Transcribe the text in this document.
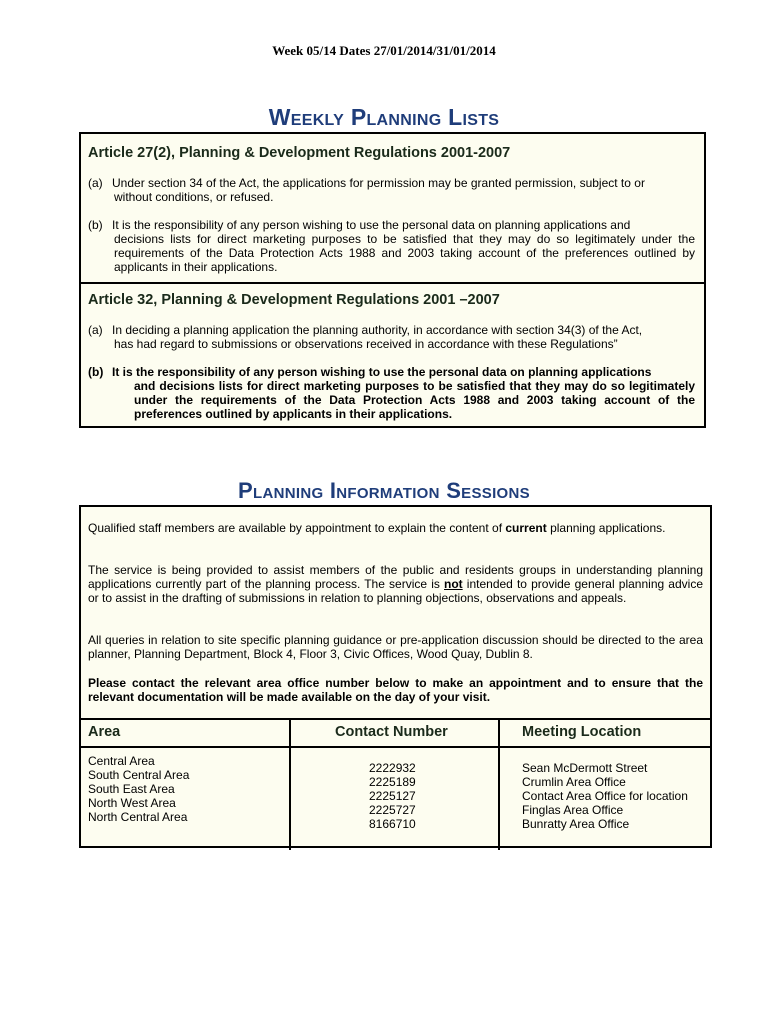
Week 05/14 Dates 27/01/2014/31/01/2014
Weekly Planning Lists
Article 27(2), Planning & Development Regulations 2001-2007
(a) Under section 34 of the Act, the applications for permission may be granted permission, subject to or
without conditions, or refused.
(b) It is the responsibility of any person wishing to use the personal data on planning applications and
decisions lists for direct marketing purposes to be satisfied that they may do so legitimately under the requirements of the Data Protection Acts 1988 and 2003 taking account of the preferences outlined by applicants in their applications.
Article 32, Planning & Development Regulations 2001 –2007
(a) In deciding a planning application the planning authority, in accordance with section 34(3) of the Act,
has had regard to submissions or observations received in accordance with these Regulations”
(b) It is the responsibility of any person wishing to use the personal data on planning applications
and decisions lists for direct marketing purposes to be satisfied that they may do so legitimately under the requirements of the Data Protection Acts 1988 and 2003 taking account of the preferences outlined by applicants in their applications.
Planning Information Sessions
Qualified staff members are available by appointment to explain the content of current planning applications.
The service is being provided to assist members of the public and residents groups in understanding planning applications currently part of the planning process. The service is not intended to provide general planning advice or to assist in the drafting of submissions in relation to planning objections, observations and appeals.
All queries in relation to site specific planning guidance or pre-application discussion should be directed to the area planner, Planning Department, Block 4, Floor 3, Civic Offices, Wood Quay, Dublin 8.
Please contact the relevant area office number below to make an appointment and to ensure that the relevant documentation will be made available on the day of your visit.
Area
Central Area
South Central Area
South East Area
North West Area
North Central Area
Contact Number
2222932
2225189
2225127
2225727
8166710
Meeting Location
Sean McDermott Street
Crumlin Area Office
Contact Area Office for location
Finglas Area Office
Bunratty Area Office
